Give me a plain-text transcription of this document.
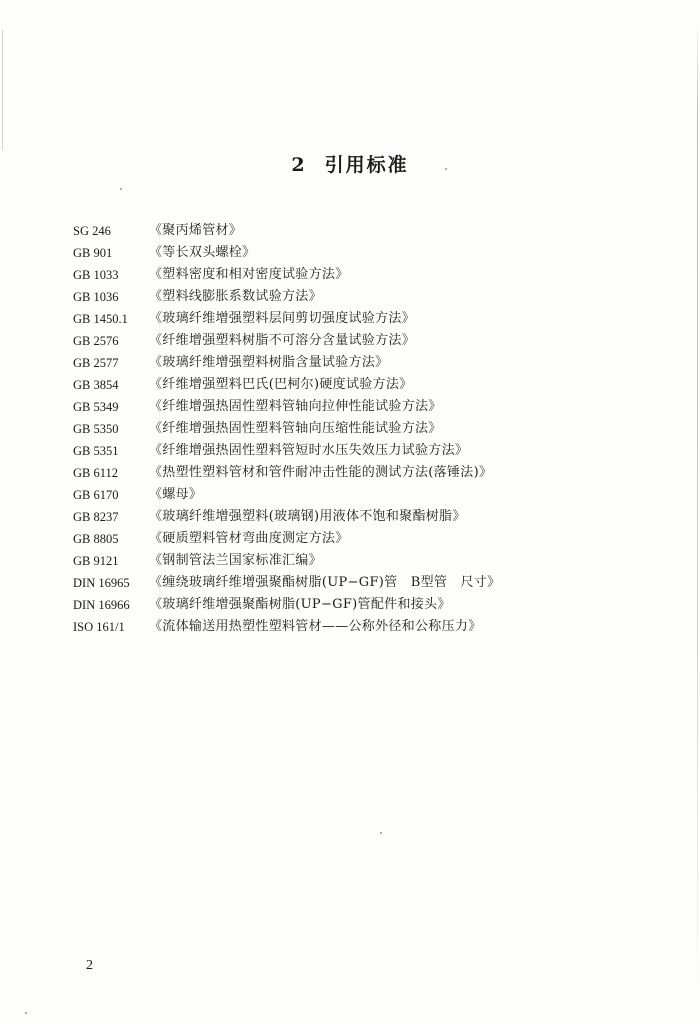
2 引用标准
SG 246	《聚丙烯管材》
GB 901	《等长双头螺栓》
GB 1033	《塑料密度和相对密度试验方法》
GB 1036	《塑料线膨胀系数试验方法》
GB 1450.1	《玻璃纤维增强塑料层间剪切强度试验方法》
GB 2576	《纤维增强塑料树脂不可溶分含量试验方法》
GB 2577	《玻璃纤维增强塑料树脂含量试验方法》
GB 3854	《纤维增强塑料巴氏(巴柯尔)硬度试验方法》
GB 5349	《纤维增强热固性塑料管轴向拉伸性能试验方法》
GB 5350	《纤维增强热固性塑料管轴向压缩性能试验方法》
GB 5351	《纤维增强热固性塑料管短时水压失效压力试验方法》
GB 6112	《热塑性塑料管材和管件耐冲击性能的测试方法(落锤法)》
GB 6170	《螺母》
GB 8237	《玻璃纤维增强塑料(玻璃钢)用液体不饱和聚酯树脂》
GB 8805	《硬质塑料管材弯曲度测定方法》
GB 9121	《钢制管法兰国家标准汇编》
DIN 16965	《缠绕玻璃纤维增强聚酯树脂(UP−GF)管　B型管　尺寸》
DIN 16966	《玻璃纤维增强聚酯树脂(UP−GF)管配件和接头》
ISO 161/1	《流体输送用热塑性塑料管材——公称外径和公称压力》
2
